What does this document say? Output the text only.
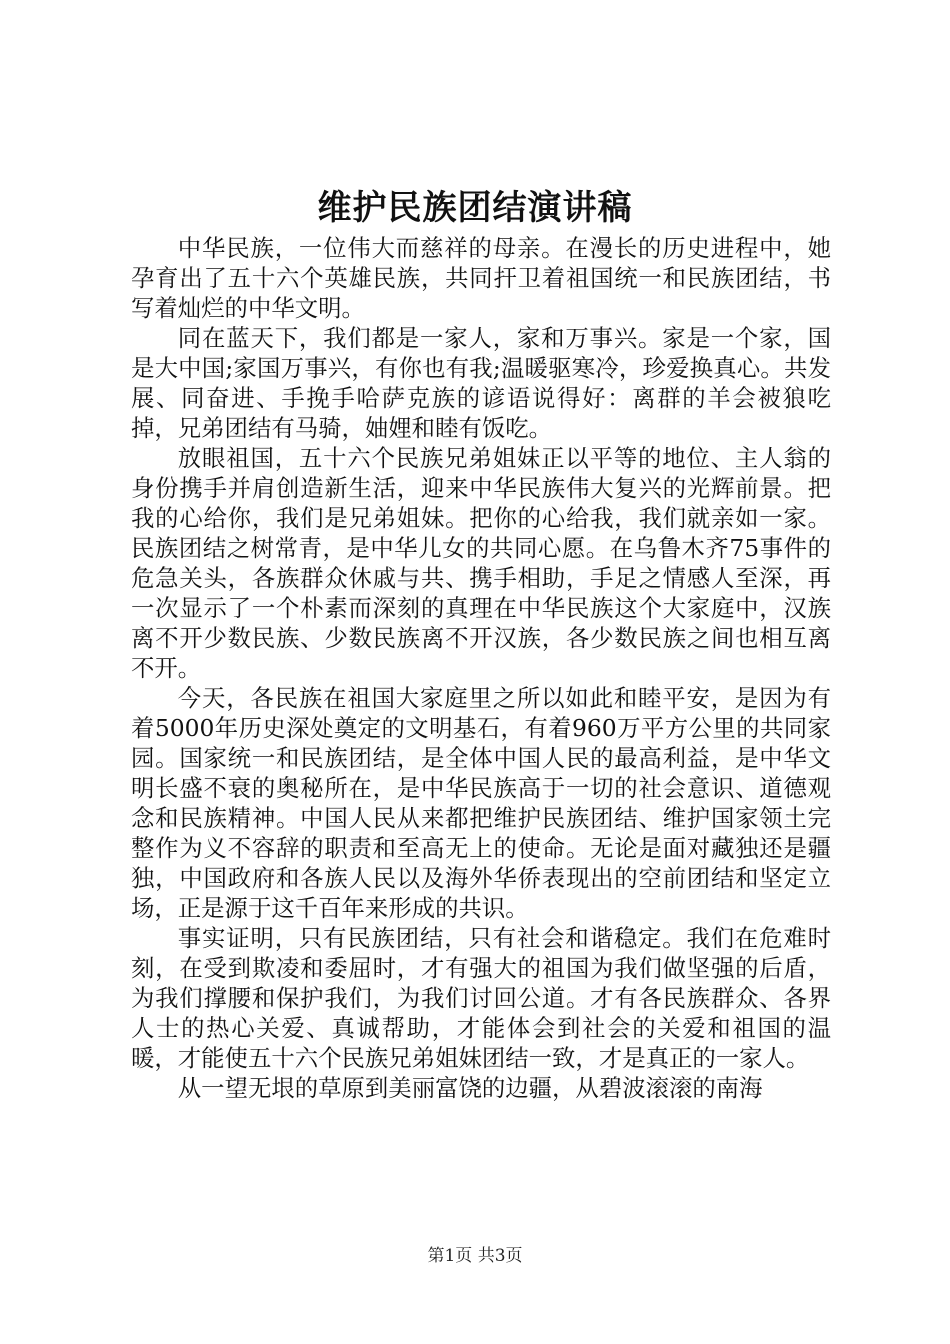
维护民族团结演讲稿

中华民族，一位伟大而慈祥的母亲。在漫长的历史进程中，她孕育出了五十六个英雄民族，共同扞卫着祖国统一和民族团结，书写着灿烂的中华文明。

同在蓝天下，我们都是一家人，家和万事兴。家是一个家，国是大中国;家国万事兴，有你也有我;温暖驱寒冷，珍爱换真心。共发展、同奋进、手挽手哈萨克族的谚语说得好：离群的羊会被狼吃掉，兄弟团结有马骑，妯娌和睦有饭吃。

放眼祖国，五十六个民族兄弟姐妹正以平等的地位、主人翁的身份携手并肩创造新生活，迎来中华民族伟大复兴的光辉前景。把我的心给你，我们是兄弟姐妹。把你的心给我，我们就亲如一家。民族团结之树常青，是中华儿女的共同心愿。在乌鲁木齐75事件的危急关头，各族群众休戚与共、携手相助，手足之情感人至深，再一次显示了一个朴素而深刻的真理在中华民族这个大家庭中，汉族离不开少数民族、少数民族离不开汉族，各少数民族之间也相互离不开。

今天，各民族在祖国大家庭里之所以如此和睦平安，是因为有着5000年历史深处奠定的文明基石，有着960万平方公里的共同家园。国家统一和民族团结，是全体中国人民的最高利益，是中华文明长盛不衰的奥秘所在，是中华民族高于一切的社会意识、道德观念和民族精神。中国人民从来都把维护民族团结、维护国家领土完整作为义不容辞的职责和至高无上的使命。无论是面对藏独还是疆独，中国政府和各族人民以及海外华侨表现出的空前团结和坚定立场，正是源于这千百年来形成的共识。

事实证明，只有民族团结，只有社会和谐稳定。我们在危难时刻，在受到欺凌和委屈时，才有强大的祖国为我们做坚强的后盾，为我们撑腰和保护我们，为我们讨回公道。才有各民族群众、各界人士的热心关爱、真诚帮助，才能体会到社会的关爱和祖国的温暖，才能使五十六个民族兄弟姐妹团结一致，才是真正的一家人。

从一望无垠的草原到美丽富饶的边疆，从碧波滚滚的南海

第1页 共3页
